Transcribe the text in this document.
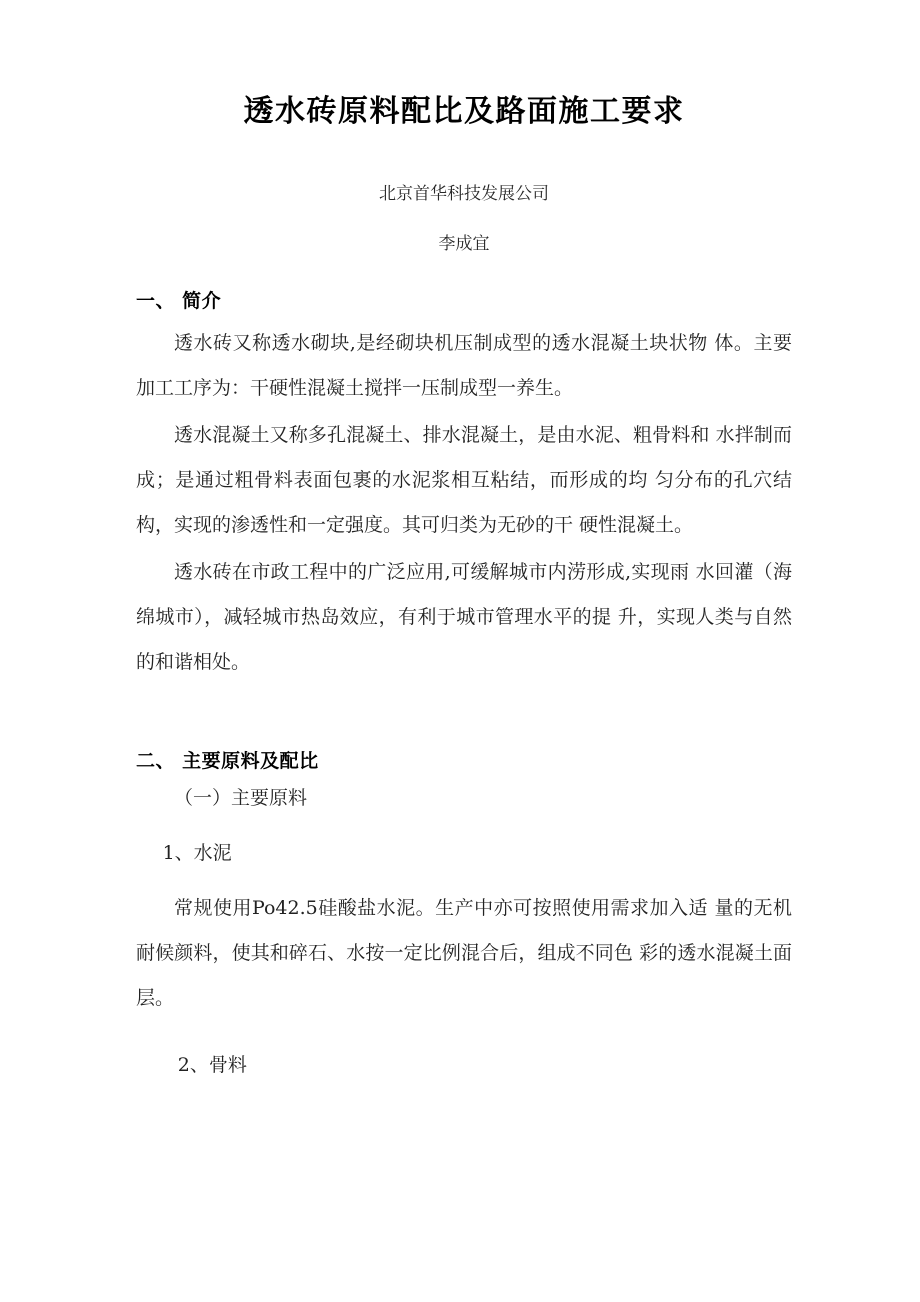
透水砖原料配比及路面施工要求

北京首华科技发展公司

李成宜

一、 简介

透水砖又称透水砌块,是经砌块机压制成型的透水混凝土块状物 体。主要加工工序为：干硬性混凝土搅拌一压制成型一养生。

透水混凝土又称多孔混凝土、排水混凝土，是由水泥、粗骨料和 水拌制而成；是通过粗骨料表面包裹的水泥浆相互粘结，而形成的均 匀分布的孔穴结构，实现的渗透性和一定强度。其可归类为无砂的干 硬性混凝土。

透水砖在市政工程中的广泛应用,可缓解城市内涝形成,实现雨 水回灌（海绵城市），减轻城市热岛效应，有利于城市管理水平的提 升，实现人类与自然的和谐相处。

二、 主要原料及配比

（一）主要原料

1、水泥

常规使用Po42.5硅酸盐水泥。生产中亦可按照使用需求加入适 量的无机耐候颜料，使其和碎石、水按一定比例混合后，组成不同色 彩的透水混凝土面层。

2、骨料
